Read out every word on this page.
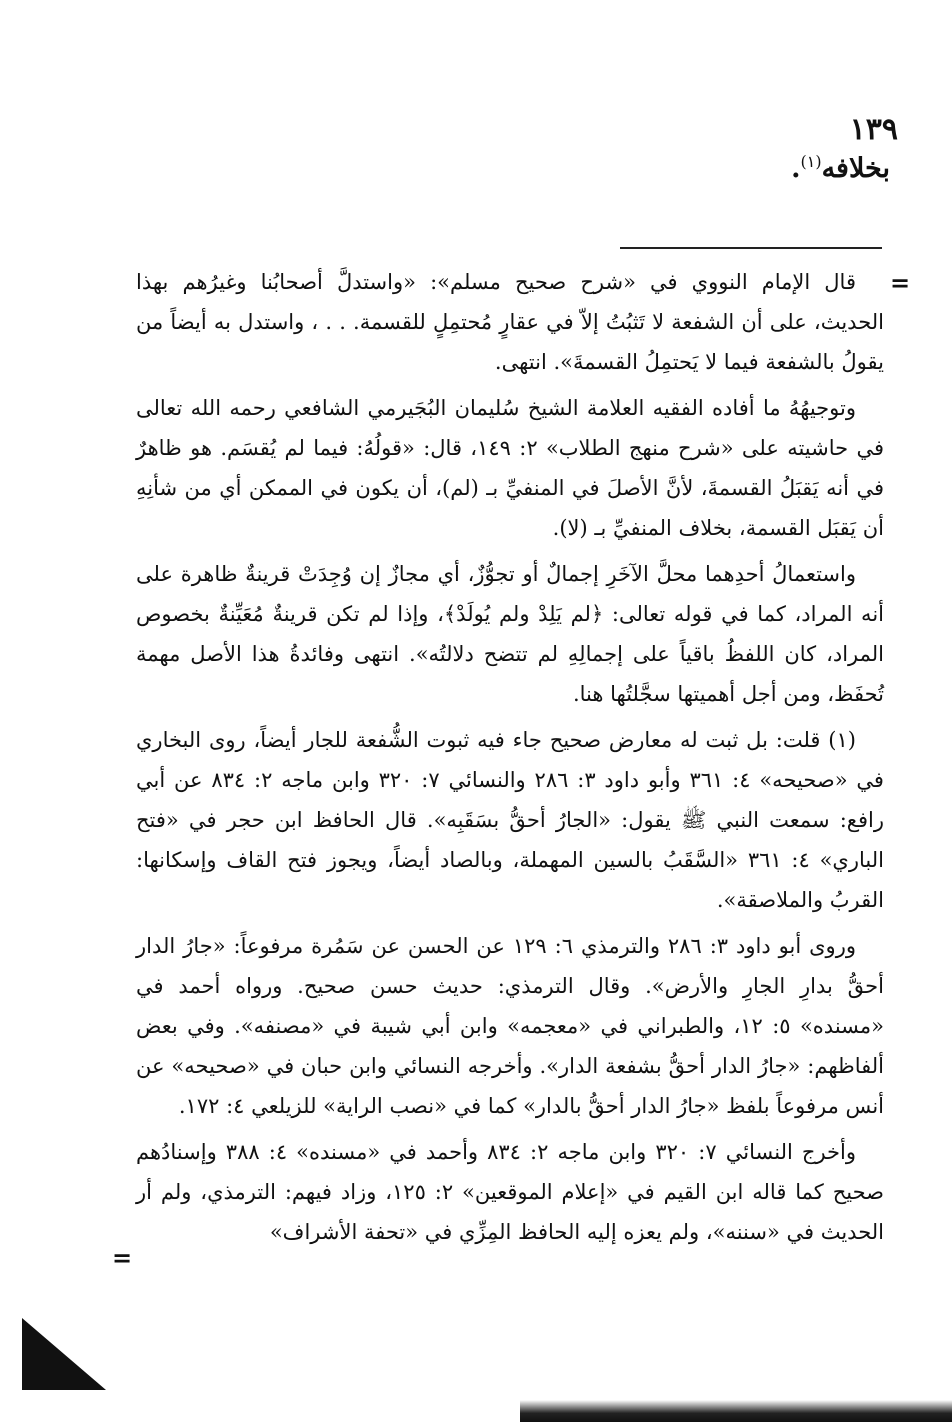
١٣٩
بخلافه$^{(١)}$.
=

قال الإمام النووي في «شرح صحيح مسلم»: «واستدلَّ أصحابُنا وغيرُهم بهذا الحديث، على أن الشفعة لا تَثبُتُ إلاّ في عقارٍ مُحتمِلٍ للقسمة. . . ، واستدل به أيضاً من يقولُ بالشفعة فيما لا يَحتمِلُ القسمةَ». انتهى.

وتوجيهُهُ ما أفاده الفقيه العلامة الشيخ سُليمان البُجَيرمي الشافعي رحمه الله تعالى في حاشيته على «شرح منهج الطلاب» ٢: ١٤٩، قال: «قولُهُ: فيما لم يُقسَم. هو ظاهرٌ في أنه يَقبَلُ القسمةَ، لأنَّ الأصلَ في المنفيِّ بـ (لم)، أن يكون في الممكن أي من شأنِهِ أن يَقبَل القسمة، بخلاف المنفيِّ بـ (لا).

واستعمالُ أحدِهما محلَّ الآخَرِ إجمالٌ أو تجوُّزٌ، أي مجازٌ إن وُجِدَتْ قرينةٌ ظاهرة على أنه المراد، كما في قوله تعالى: ﴿لم يَلِدْ ولم يُولَدْ﴾، وإذا لم تكن قرينةٌ مُعَيِّنةٌ بخصوص المراد، كان اللفظُ باقياً على إجمالِهِ لم تتضح دلالتُه». انتهى وفائدةُ هذا الأصل مهمة تُحفَظ، ومن أجل أهميتها سجَّلتُها هنا.

(١) قلت: بل ثبت له معارض صحيح جاء فيه ثبوت الشُّفعة للجار أيضاً، روى البخاري في «صحيحه» ٤: ٣٦١ وأبو داود ٣: ٢٨٦ والنسائي ٧: ٣٢٠ وابن ماجه ٢: ٨٣٤ عن أبي رافع: سمعت النبي ﷺ يقول: «الجارُ أحقُّ بسَقَبِه». قال الحافظ ابن حجر في «فتح الباري» ٤: ٣٦١ «السَّقَبُ بالسين المهملة، وبالصاد أيضاً، ويجوز فتح القاف وإسكانها: القربُ والملاصقة».

وروى أبو داود ٣: ٢٨٦ والترمذي ٦: ١٢٩ عن الحسن عن سَمُرة مرفوعاً: «جارُ الدار أحقُّ بدارِ الجارِ والأرض». وقال الترمذي: حديث حسن صحيح. ورواه أحمد في «مسنده» ٥: ١٢، والطبراني في «معجمه» وابن أبي شيبة في «مصنفه». وفي بعض ألفاظهم: «جارُ الدار أحقُّ بشفعة الدار». وأخرجه النسائي وابن حبان في «صحيحه» عن أنس مرفوعاً بلفظ «جارُ الدار أحقُّ بالدار» كما في «نصب الراية» للزيلعي ٤: ١٧٢.

وأخرج النسائي ٧: ٣٢٠ وابن ماجه ٢: ٨٣٤ وأحمد في «مسنده» ٤: ٣٨٨ وإسنادُهم صحيح كما قاله ابن القيم في «إعلام الموقعين» ٢: ١٢٥، وزاد فيهم: الترمذي، ولم أر الحديث في «سننه»، ولم يعزه إليه الحافظ المِزِّي في «تحفة الأشراف»

=
